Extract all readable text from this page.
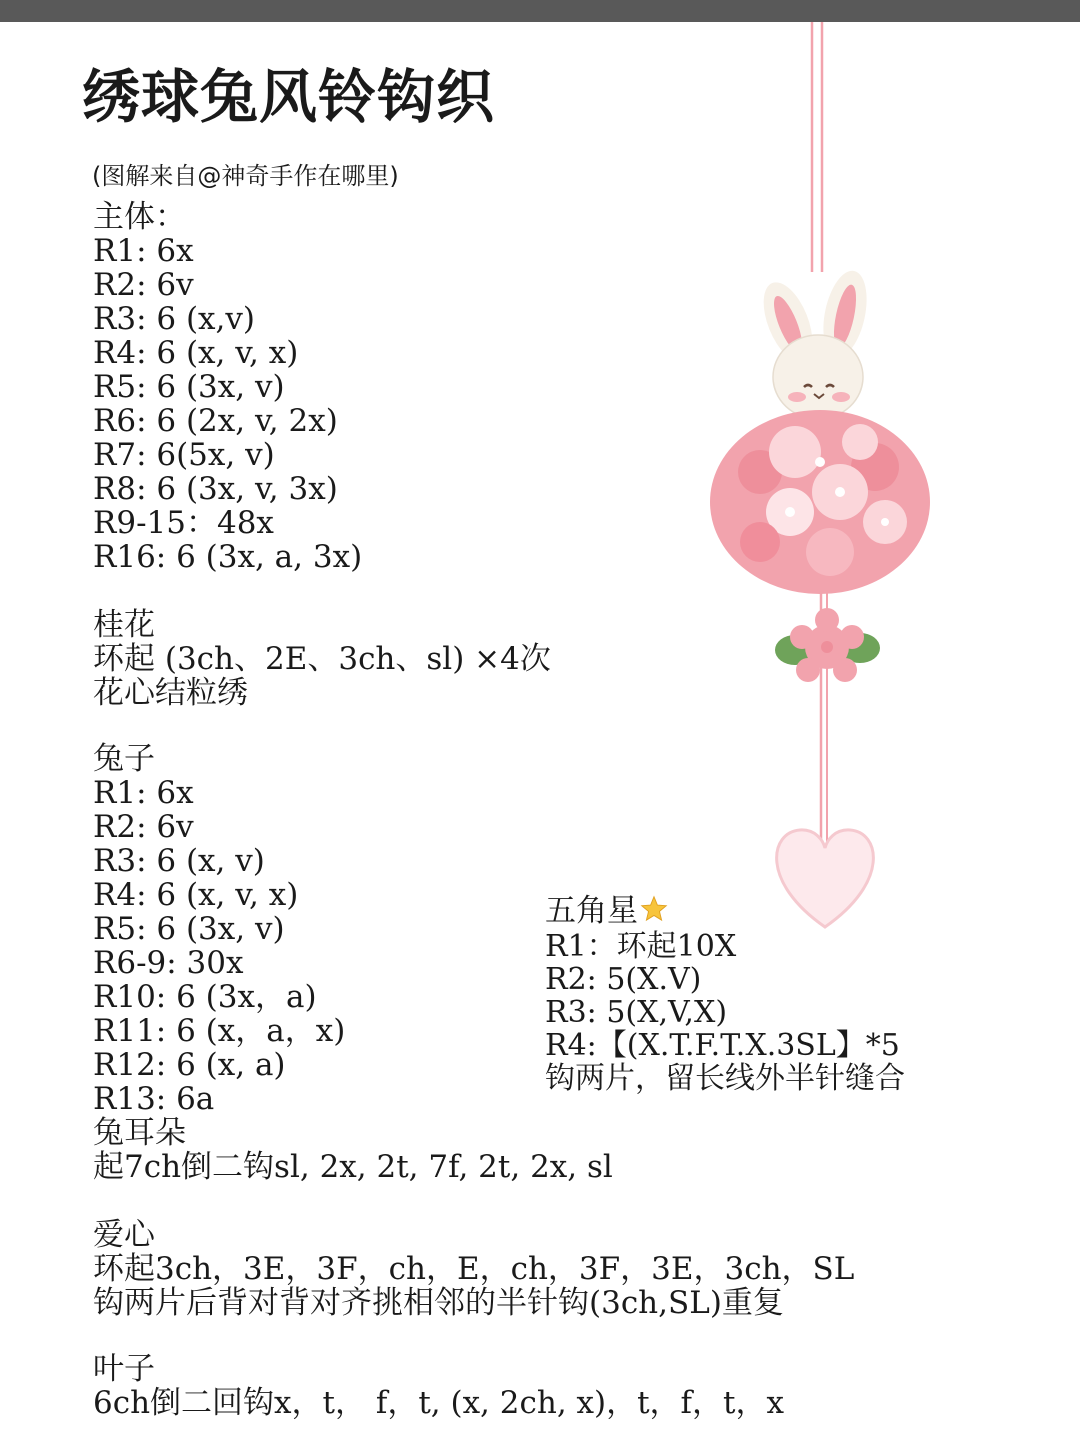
绣球兔风铃钩织
(图解来自@神奇手作在哪里)
主体：
R1: 6x
R2: 6v
R3: 6 (x,v)
R4: 6 (x, v, x)
R5: 6 (3x, v)
R6: 6 (2x, v, 2x)
R7: 6(5x, v)
R8: 6 (3x, v, 3x)
R9-15：48x
R16: 6 (3x, a, 3x)
桂花
环起 (3ch、2E、3ch、sl) ×4次
花心结粒绣
兔子
R1: 6x
R2: 6v
R3: 6 (x, v)
R4: 6 (x, v, x)
R5: 6 (3x, v)
R6-9: 30x
R10: 6 (3x，a)
R11: 6 (x，a，x)
R12: 6 (x, a)
R13: 6a
兔耳朵
起7ch倒二钩sl, 2x, 2t, 7f, 2t, 2x, sl
爱心
环起3ch，3E，3F，ch，E，ch，3F，3E，3ch，SL
钩两片后背对背对齐挑相邻的半针钩(3ch,SL)重复
叶子
6ch倒二回钩x，t， f，t, (x, 2ch, x)，t，f，t，x
五角星
R1：环起10X
R2: 5(X.V)
R3: 5(X,V,X)
R4:【(X.T.F.T.X.3SL】*5
钩两片，留长线外半针缝合
